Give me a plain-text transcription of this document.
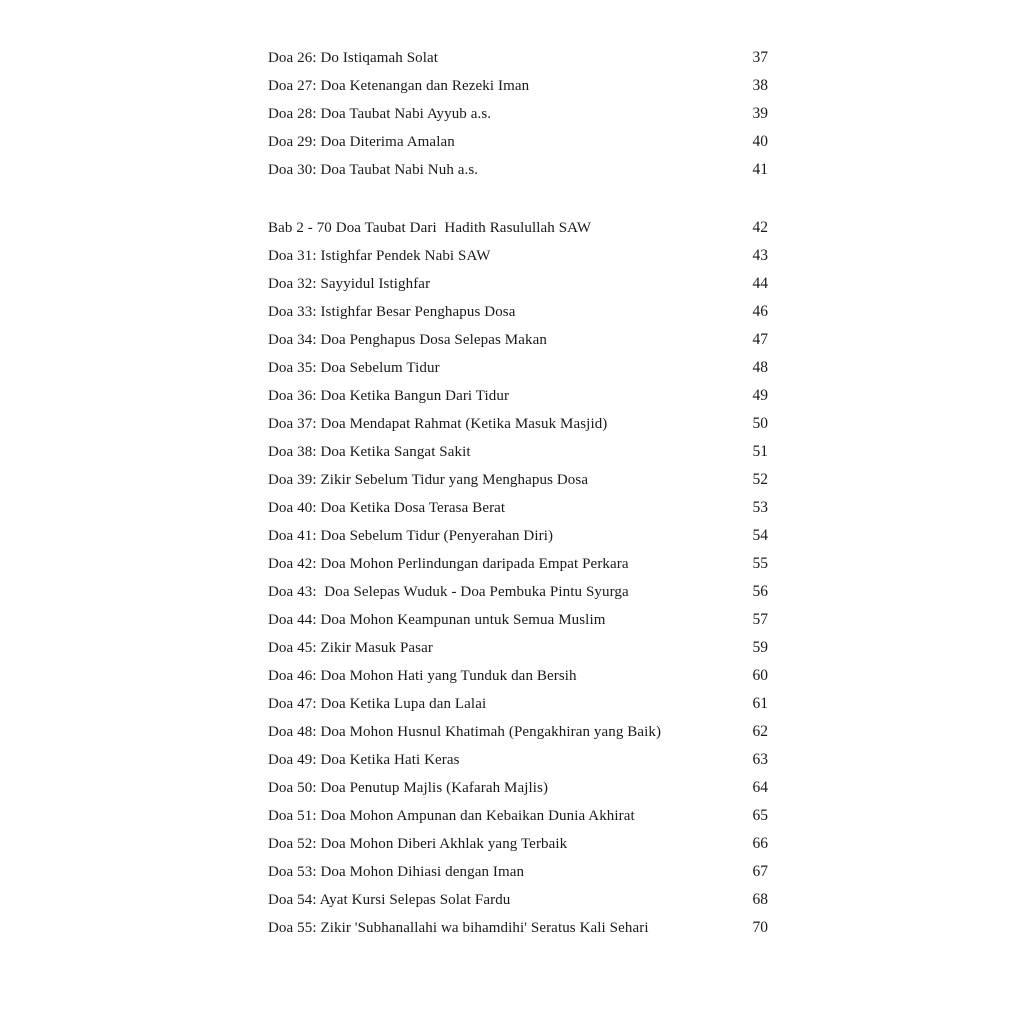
Doa 26: Do Istiqamah Solat	37
Doa 27: Doa Ketenangan dan Rezeki Iman	38
Doa 28: Doa Taubat Nabi Ayyub a.s.	39
Doa 29: Doa Diterima Amalan	40
Doa 30: Doa Taubat Nabi Nuh a.s.	41
Bab 2 - 70 Doa Taubat Dari  Hadith Rasulullah SAW	42
Doa 31: Istighfar Pendek Nabi SAW	43
Doa 32: Sayyidul Istighfar	44
Doa 33: Istighfar Besar Penghapus Dosa	46
Doa 34: Doa Penghapus Dosa Selepas Makan	47
Doa 35: Doa Sebelum Tidur	48
Doa 36: Doa Ketika Bangun Dari Tidur	49
Doa 37: Doa Mendapat Rahmat (Ketika Masuk Masjid)	50
Doa 38: Doa Ketika Sangat Sakit	51
Doa 39: Zikir Sebelum Tidur yang Menghapus Dosa	52
Doa 40: Doa Ketika Dosa Terasa Berat	53
Doa 41: Doa Sebelum Tidur (Penyerahan Diri)	54
Doa 42: Doa Mohon Perlindungan daripada Empat Perkara	55
Doa 43:  Doa Selepas Wuduk - Doa Pembuka Pintu Syurga	56
Doa 44: Doa Mohon Keampunan untuk Semua Muslim	57
Doa 45: Zikir Masuk Pasar	59
Doa 46: Doa Mohon Hati yang Tunduk dan Bersih	60
Doa 47: Doa Ketika Lupa dan Lalai	61
Doa 48: Doa Mohon Husnul Khatimah (Pengakhiran yang Baik)	62
Doa 49: Doa Ketika Hati Keras	63
Doa 50: Doa Penutup Majlis (Kafarah Majlis)	64
Doa 51: Doa Mohon Ampunan dan Kebaikan Dunia Akhirat	65
Doa 52: Doa Mohon Diberi Akhlak yang Terbaik	66
Doa 53: Doa Mohon Dihiasi dengan Iman	67
Doa 54: Ayat Kursi Selepas Solat Fardu	68
Doa 55: Zikir 'Subhanallahi wa bihamdihi' Seratus Kali Sehari	70
